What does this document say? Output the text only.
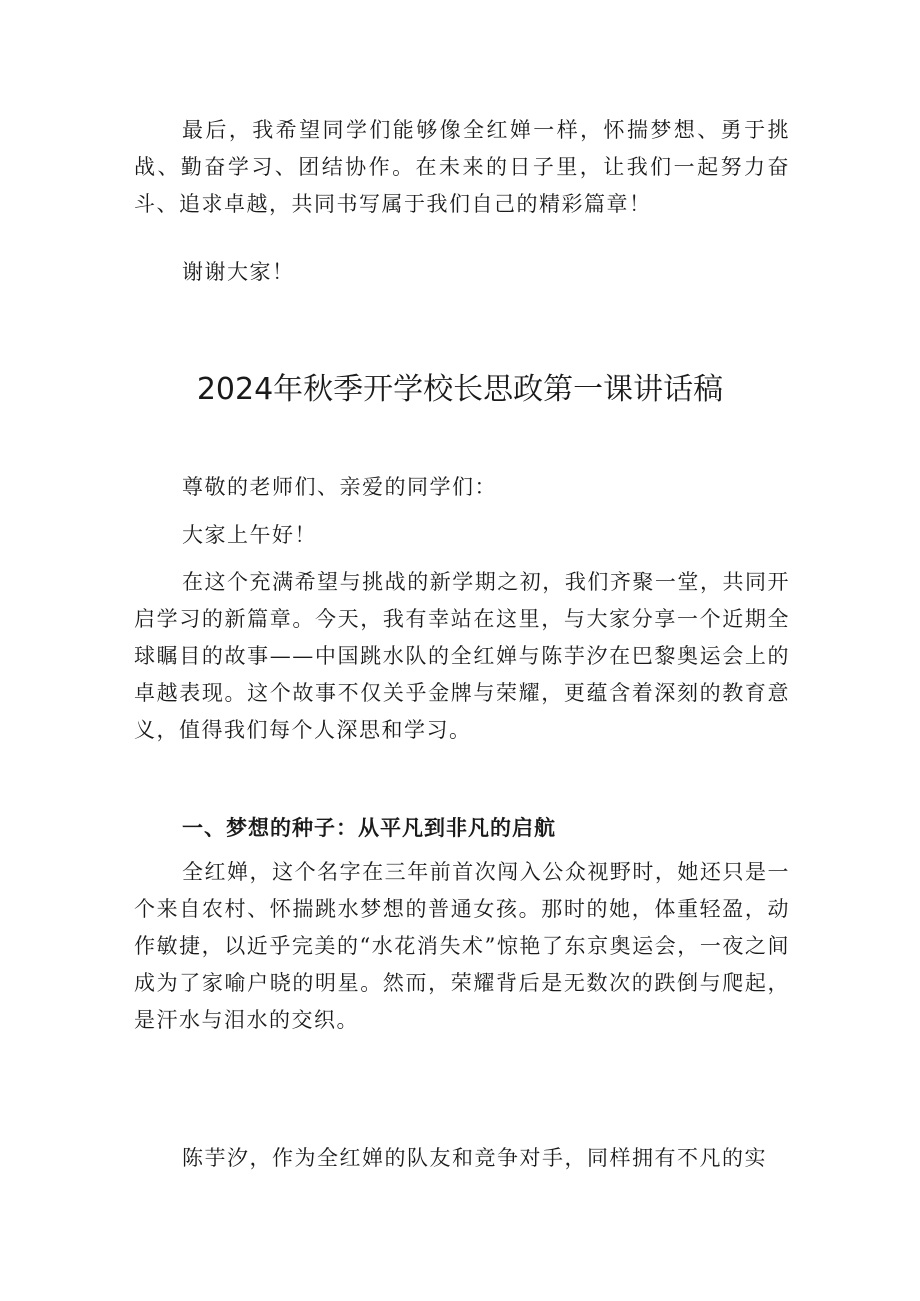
最后，我希望同学们能够像全红婵一样，怀揣梦想、勇于挑战、勤奋学习、团结协作。在未来的日子里，让我们一起努力奋斗、追求卓越，共同书写属于我们自己的精彩篇章！

谢谢大家！

2024年秋季开学校长思政第一课讲话稿

尊敬的老师们、亲爱的同学们：

大家上午好！

在这个充满希望与挑战的新学期之初，我们齐聚一堂，共同开启学习的新篇章。今天，我有幸站在这里，与大家分享一个近期全球瞩目的故事——中国跳水队的全红婵与陈芋汐在巴黎奥运会上的卓越表现。这个故事不仅关乎金牌与荣耀，更蕴含着深刻的教育意义，值得我们每个人深思和学习。

一、梦想的种子：从平凡到非凡的启航

全红婵，这个名字在三年前首次闯入公众视野时，她还只是一个来自农村、怀揣跳水梦想的普通女孩。那时的她，体重轻盈，动作敏捷，以近乎完美的“水花消失术”惊艳了东京奥运会，一夜之间成为了家喻户晓的明星。然而，荣耀背后是无数次的跌倒与爬起，是汗水与泪水的交织。

陈芋汐，作为全红婵的队友和竞争对手，同样拥有不凡的实
